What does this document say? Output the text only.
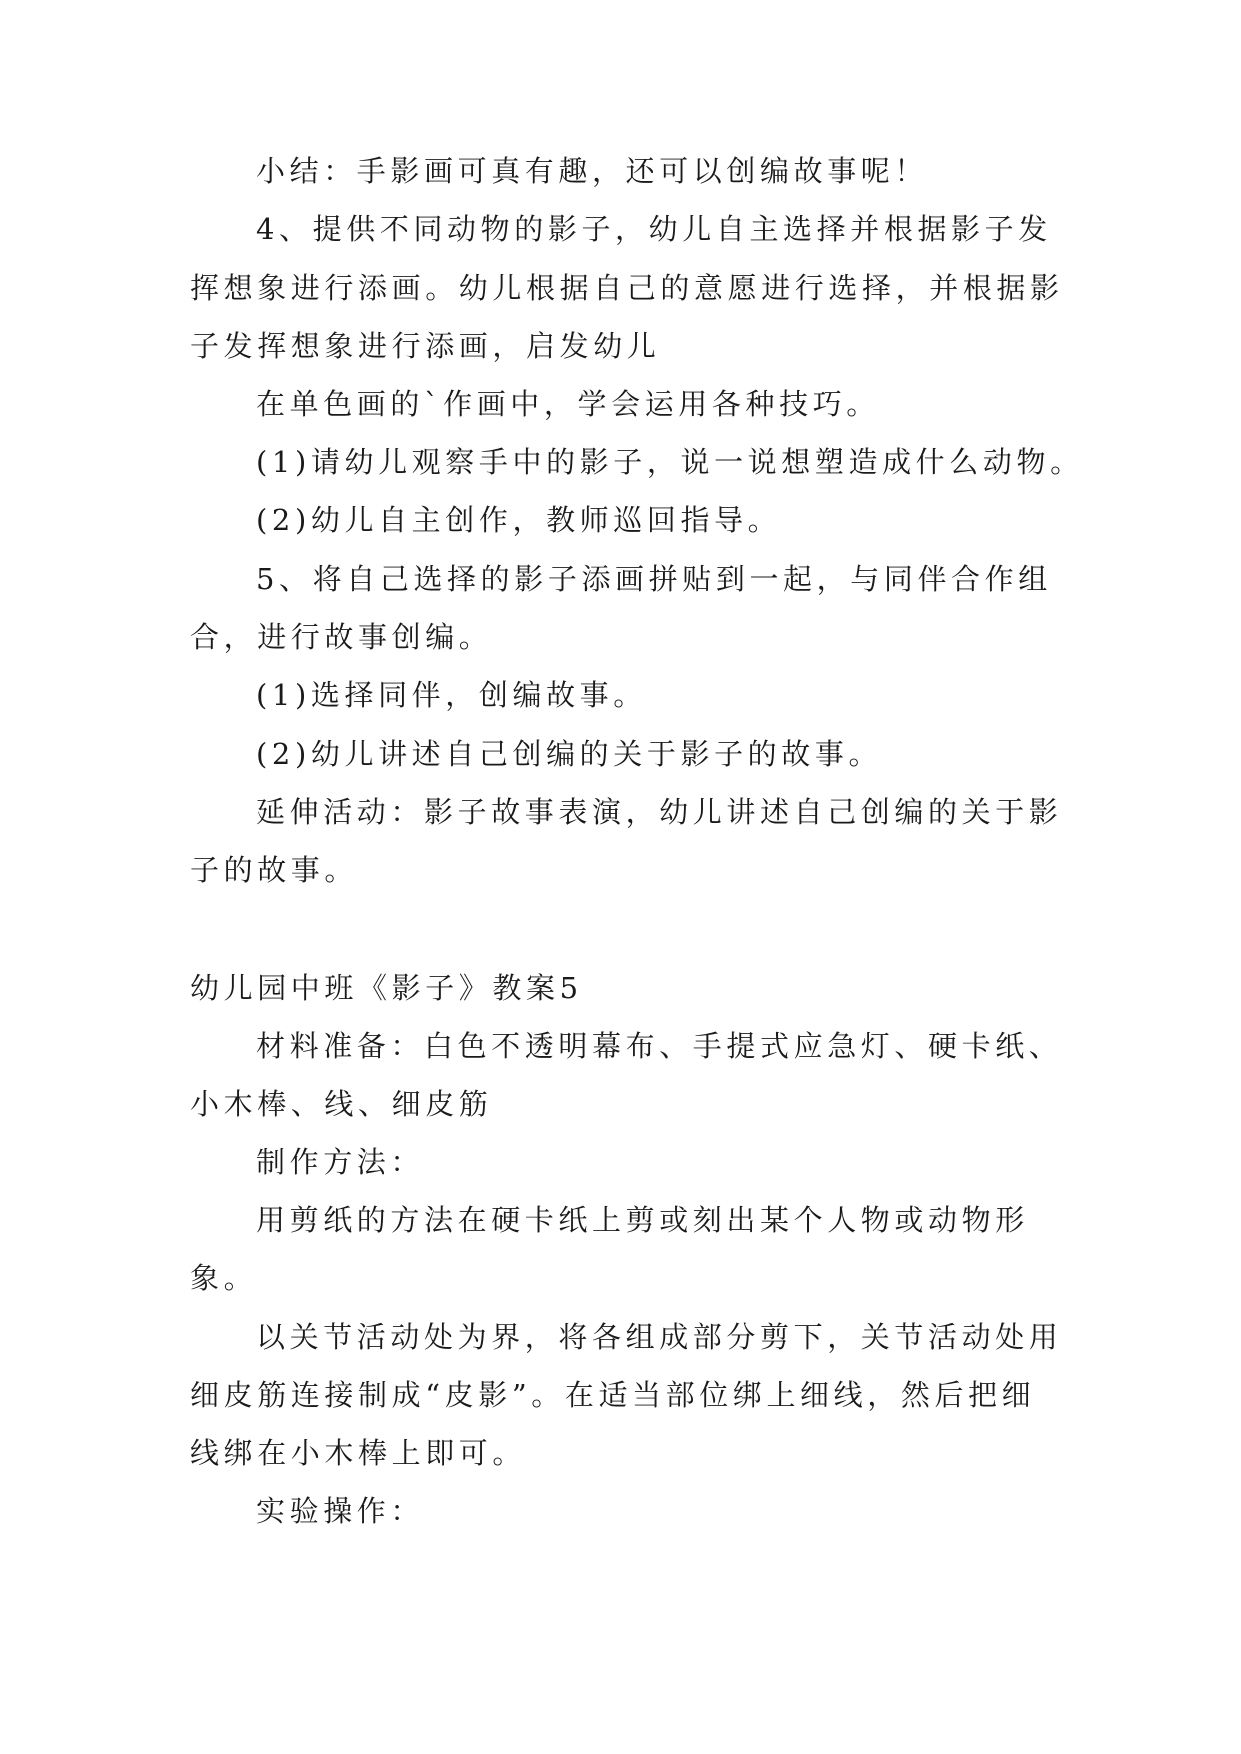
小结：手影画可真有趣，还可以创编故事呢！
4、提供不同动物的影子，幼儿自主选择并根据影子发
挥想象进行添画。幼儿根据自己的意愿进行选择，并根据影
子发挥想象进行添画，启发幼儿
在单色画的`作画中，学会运用各种技巧。
(1)请幼儿观察手中的影子，说一说想塑造成什么动物。
(2)幼儿自主创作，教师巡回指导。
5、将自己选择的影子添画拼贴到一起，与同伴合作组
合，进行故事创编。
(1)选择同伴，创编故事。
(2)幼儿讲述自己创编的关于影子的故事。
延伸活动：影子故事表演，幼儿讲述自己创编的关于影
子的故事。
幼儿园中班《影子》教案5
材料准备：白色不透明幕布、手提式应急灯、硬卡纸、
小木棒、线、细皮筋
制作方法：
用剪纸的方法在硬卡纸上剪或刻出某个人物或动物形
象。
以关节活动处为界，将各组成部分剪下，关节活动处用
细皮筋连接制成“皮影”。在适当部位绑上细线，然后把细
线绑在小木棒上即可。
实验操作：
